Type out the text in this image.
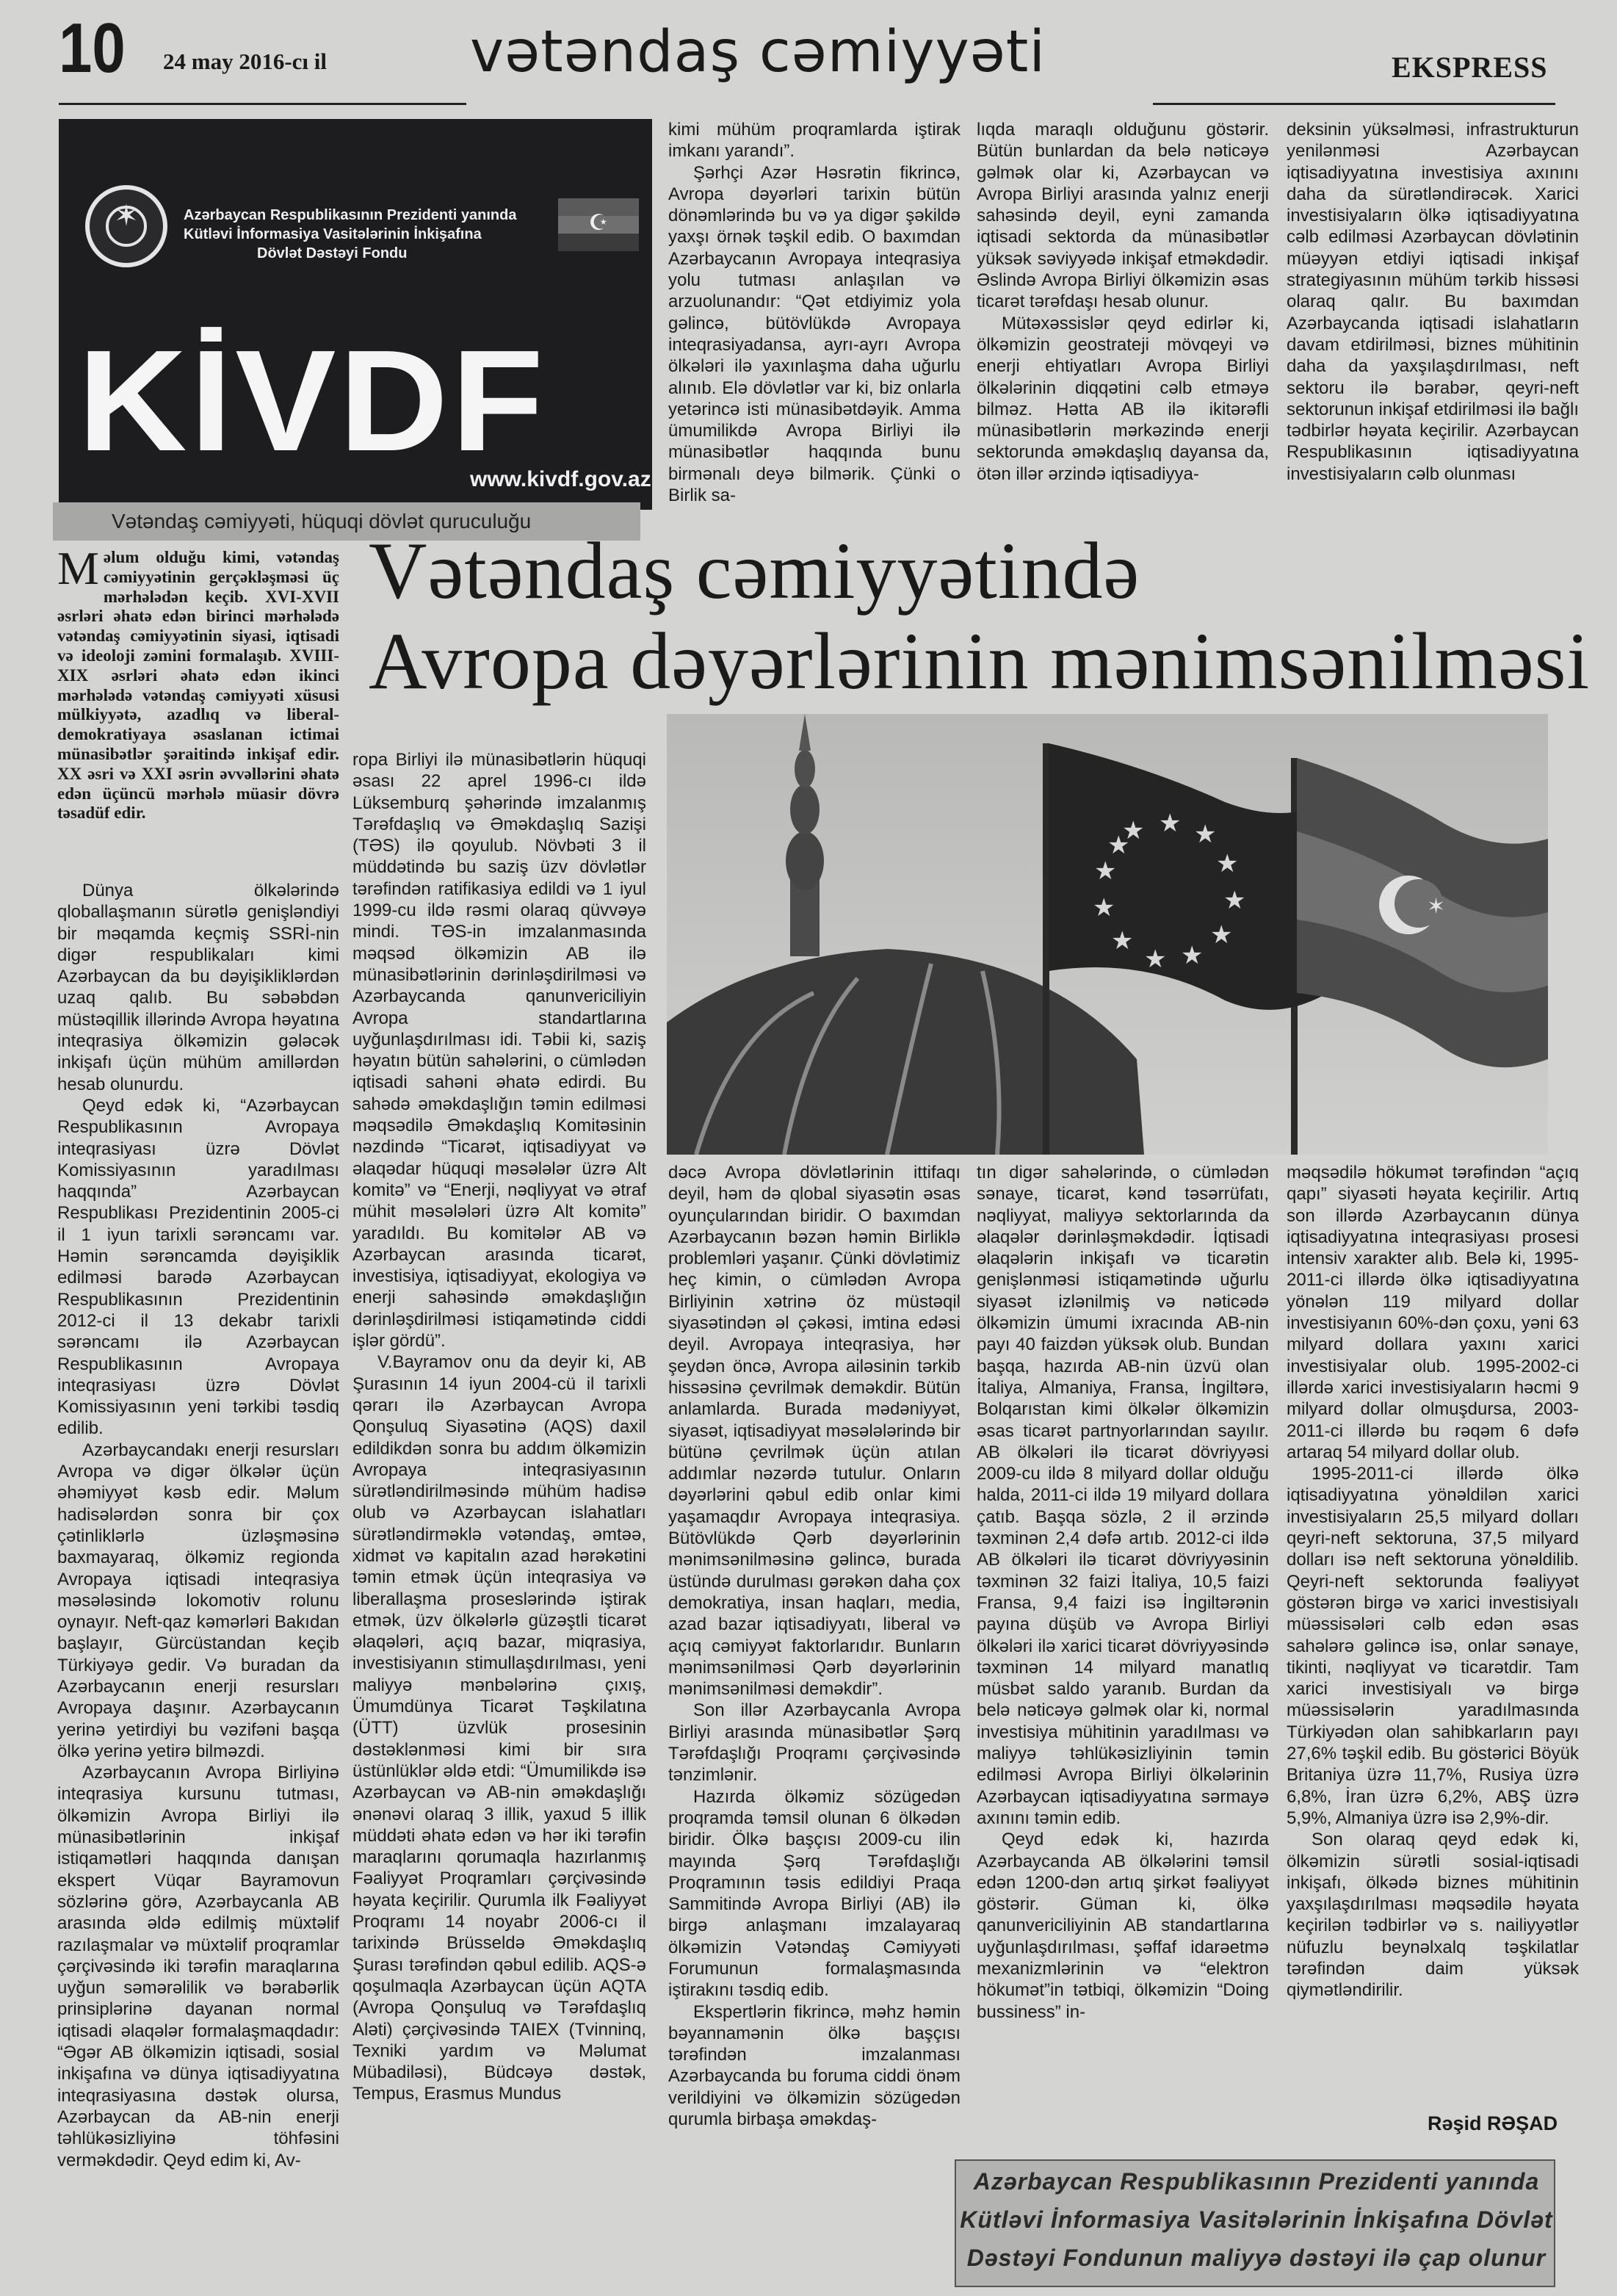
10 24 may 2016-cı il	vətəndaş cəmiyyəti	EKSPRESS
✶	Azərbaycan Respublikasının Prezidenti yanında
Kütləvi İnformasiya Vasitələrinin İnkişafına
Dövlət Dəstəyi Fondu
☪
KİVDF
www.kivdf.gov.az
Vətəndaş cəmiyyəti, hüquqi dövlət quruculuğu
Vətəndaş cəmiyyətində
Avropa dəyərlərinin mənimsənilməsi
★ ★ ★
★
★
★
★
★
★
★
★
★
✶
Məlum olduğu kimi, vətəndaş cəmiyyətinin gerçəkləşməsi üç mərhələdən keçib. XVI-XVII əsrləri əhatə edən birinci mərhələdə vətəndaş cəmiyyətinin siyasi, iqtisadi və ideoloji zəmini formalaşıb. XVIII-XIX əsrləri əhatə edən ikinci mərhələdə vətəndaş cəmiyyəti xüsusi mülkiyyətə, azadlıq və liberal-demokratiyaya əsaslanan ictimai münasibətlər şəraitində inkişaf edir. XX əsri və XXI əsrin əvvəllərini əhatə edən üçüncü mərhələ müasir dövrə təsadüf edir.

Dünya ölkələrində qloballaşmanın sürətlə genişləndiyi bir məqamda keçmiş SSRİ-nin digər respublikaları kimi Azərbaycan da bu dəyişikliklərdən uzaq qalıb. Bu səbəbdən müstəqillik illərində Avropa həyatına inteqrasiya ölkəmizin gələcək inkişafı üçün mühüm amillərdən hesab olunurdu.

Qeyd edək ki, “Azərbaycan Respublikasının Avropaya inteqrasiyası üzrə Dövlət Komissiyasının yaradılması haqqında” Azərbaycan Respublikası Prezidentinin 2005-ci il 1 iyun tarixli sərəncamı var. Həmin sərəncamda dəyişiklik edilməsi barədə Azərbaycan Respublikasının Prezidentinin 2012-ci il 13 dekabr tarixli sərəncamı ilə Azərbaycan Respublikasının Avropaya inteqrasiyası üzrə Dövlət Komissiyasının yeni tərkibi təsdiq edilib.

Azərbaycandakı enerji resursları Avropa və digər ölkələr üçün əhəmiyyət kəsb edir. Məlum hadisələrdən sonra bir çox çətinliklərlə üzləşməsinə baxmayaraq, ölkəmiz regionda Avropaya iqtisadi inteqrasiya məsələsində lokomotiv rolunu oynayır. Neft-qaz kəmərləri Bakıdan başlayır, Gürcüstandan keçib Türkiyəyə gedir. Və buradan da Azərbaycanın enerji resursları Avropaya daşınır. Azərbaycanın yerinə yetirdiyi bu vəzifəni başqa ölkə yerinə yetirə bilməzdi.

Azərbaycanın Avropa Birliyinə inteqrasiya kursunu tutması, ölkəmizin Avropa Birliyi ilə münasibətlərinin inkişaf istiqamətləri haqqında danışan ekspert Vüqar Bayramovun sözlərinə görə, Azərbaycanla AB arasında əldə edilmiş müxtəlif razılaşmalar və müxtəlif proqramlar çərçivəsində iki tərəfin maraqlarına uyğun səmərəlilik və bərabərlik prinsiplərinə dayanan normal iqtisadi əlaqələr formalaşmaqdadır: “Əgər AB ölkəmizin iqtisadi, sosial inkişafına və dünya iqtisadiyyatına inteqrasiyasına dəstək olursa, Azərbaycan da AB-nin enerji təhlükəsizliyinə töhfəsini verməkdədir. Qeyd edim ki, Av-

ropa Birliyi ilə münasibətlərin hüquqi əsası 22 aprel 1996-cı ildə Lüksemburq şəhərində imzalanmış Tərəfdaşlıq və Əməkdaşlıq Sazişi (TƏS) ilə qoyulub. Növbəti 3 il müddətində bu saziş üzv dövlətlər tərəfindən ratifikasiya edildi və 1 iyul 1999-cu ildə rəsmi olaraq qüvvəyə mindi. TƏS-in imzalanmasında məqsəd ölkəmizin AB ilə münasibətlərinin dərinləşdirilməsi və Azərbaycanda qanunvericiliyin Avropa standartlarına uyğunlaşdırılması idi. Təbii ki, saziş həyatın bütün sahələrini, o cümlədən iqtisadi sahəni əhatə edirdi. Bu sahədə əməkdaşlığın təmin edilməsi məqsədilə Əməkdaşlıq Komitəsinin nəzdində “Ticarət, iqtisadiyyat və əlaqədar hüquqi məsələlər üzrə Alt komitə” və “Enerji, nəqliyyat və ətraf mühit məsələləri üzrə Alt komitə” yaradıldı. Bu komitələr AB və Azərbaycan arasında ticarət, investisiya, iqtisadiyyat, ekologiya və enerji sahəsində əməkdaşlığın dərinləşdirilməsi istiqamətində ciddi işlər gördü”.

V.Bayramov onu da deyir ki, AB Şurasının 14 iyun 2004-cü il tarixli qərarı ilə Azərbaycan Avropa Qonşuluq Siyasətinə (AQS) daxil edildikdən sonra bu addım ölkəmizin Avropaya inteqrasiyasının sürətləndirilməsində mühüm hadisə olub və Azərbaycan islahatları sürətləndirməklə vətəndaş, əmtəə, xidmət və kapitalın azad hərəkətini təmin etmək üçün inteqrasiya və liberallaşma proseslərində iştirak etmək, üzv ölkələrlə güzəştli ticarət əlaqələri, açıq bazar, miqrasiya, investisiyanın stimullaşdırılması, yeni maliyyə mənbələrinə çıxış, Ümumdünya Ticarət Təşkilatına (ÜTT) üzvlük prosesinin dəstəklənməsi kimi bir sıra üstünlüklər əldə etdi: “Ümumilikdə isə Azərbaycan və AB-nin əməkdaşlığı ənənəvi olaraq 3 illik, yaxud 5 illik müddəti əhatə edən və hər iki tərəfin maraqlarını qorumaqla hazırlanmış Fəaliyyət Proqramları çərçivəsində həyata keçirilir. Qurumla ilk Fəaliyyət Proqramı 14 noyabr 2006-cı il tarixində Brüsseldə Əməkdaşlıq Şurası tərəfindən qəbul edilib. AQS-ə qoşulmaqla Azərbaycan üçün AQTA (Avropa Qonşuluq və Tərəfdaşlıq Aləti) çərçivəsində TAIEX (Tvinninq, Texniki yardım və Məlumat Mübadiləsi), Büdcəyə dəstək, Tempus, Erasmus Mundus

kimi mühüm proqramlarda iştirak imkanı yarandı”.

Şərhçi Azər Həsrətin fikrincə, Avropa dəyərləri tarixin bütün dönəmlərində bu və ya digər şəkildə yaxşı örnək təşkil edib. O baxımdan Azərbaycanın Avropaya inteqrasiya yolu tutması anlaşılan və arzuolunandır: “Qət etdiyimiz yola gəlincə, bütövlükdə Avropaya inteqrasiyadansa, ayrı-ayrı Avropa ölkələri ilə yaxınlaşma daha uğurlu alınıb. Elə dövlətlər var ki, biz onlarla yetərincə isti münasibətdəyik. Amma ümumilikdə Avropa Birliyi ilə münasibətlər haqqında bunu birmənalı deyə bilmərik. Çünki o Birlik sa-

lıqda maraqlı olduğunu göstərir. Bütün bunlardan da belə nəticəyə gəlmək olar ki, Azərbaycan və Avropa Birliyi arasında yalnız enerji sahəsində deyil, eyni zamanda iqtisadi sektorda da münasibətlər yüksək səviyyədə inkişaf etməkdədir. Əslində Avropa Birliyi ölkəmizin əsas ticarət tərəfdaşı hesab olunur.

Mütəxəssislər qeyd edirlər ki, ölkəmizin geostrateji mövqeyi və enerji ehtiyatları Avropa Birliyi ölkələrinin diqqətini cəlb etməyə bilməz. Hətta AB ilə ikitərəfli münasibətlərin mərkəzində enerji sektorunda əməkdaşlıq dayansa da, ötən illər ərzində iqtisadiyya-

deksinin yüksəlməsi, infrastrukturun yenilənməsi Azərbaycan iqtisadiyyatına investisiya axınını daha da sürətləndirəcək. Xarici investisiyaların ölkə iqtisadiyyatına cəlb edilməsi Azərbaycan dövlətinin müəyyən etdiyi iqtisadi inkişaf strategiyasının mühüm tərkib hissəsi olaraq qalır. Bu baxımdan Azərbaycanda iqtisadi islahatların davam etdirilməsi, biznes mühitinin daha da yaxşılaşdırılması, neft sektoru ilə bərabər, qeyri-neft sektorunun inkişaf etdirilməsi ilə bağlı tədbirlər həyata keçirilir. Azərbaycan Respublikasının iqtisadiyyatına investisiyaların cəlb olunması

dəcə Avropa dövlətlərinin ittifaqı deyil, həm də qlobal siyasətin əsas oyunçularından biridir. O baxımdan Azərbaycanın bəzən həmin Birliklə problemləri yaşanır. Çünki dövlətimiz heç kimin, o cümlədən Avropa Birliyinin xətrinə öz müstəqil siyasətindən əl çəkəsi, imtina edəsi deyil. Avropaya inteqrasiya, hər şeydən öncə, Avropa ailəsinin tərkib hissəsinə çevrilmək deməkdir. Bütün anlamlarda. Burada mədəniyyət, siyasət, iqtisadiyyat məsələlərində bir bütünə çevrilmək üçün atılan addımlar nəzərdə tutulur. Onların dəyərlərini qəbul edib onlar kimi yaşamaqdır Avropaya inteqrasiya. Bütövlükdə Qərb dəyərlərinin mənimsənilməsinə gəlincə, burada üstündə durulması gərəkən daha çox demokratiya, insan haqları, media, azad bazar iqtisadiyyatı, liberal və açıq cəmiyyət faktorlarıdır. Bunların mənimsənilməsi Qərb dəyərlərinin mənimsənilməsi deməkdir”.

Son illər Azərbaycanla Avropa Birliyi arasında münasibətlər Şərq Tərəfdaşlığı Proqramı çərçivəsində tənzimlənir.

Hazırda ölkəmiz sözügedən proqramda təmsil olunan 6 ölkədən biridir. Ölkə başçısı 2009-cu ilin mayında Şərq Tərəfdaşlığı Proqramının təsis edildiyi Praqa Sammitində Avropa Birliyi (AB) ilə birgə anlaşmanı imzalayaraq ölkəmizin Vətəndaş Cəmiyyəti Forumunun formalaşmasında iştirakını təsdiq edib.

Ekspertlərin fikrincə, məhz həmin bəyannamənin ölkə başçısı tərəfindən imzalanması Azərbaycanda bu foruma ciddi önəm verildiyini və ölkəmizin sözügedən qurumla birbaşa əməkdaş-

tın digər sahələrində, o cümlədən sənaye, ticarət, kənd təsərrüfatı, nəqliyyat, maliyyə sektorlarında da əlaqələr dərinləşməkdədir. İqtisadi əlaqələrin inkişafı və ticarətin genişlənməsi istiqamətində uğurlu siyasət izlənilmiş və nəticədə ölkəmizin ümumi ixracında AB-nin payı 40 faizdən yüksək olub. Bundan başqa, hazırda AB-nin üzvü olan İtaliya, Almaniya, Fransa, İngiltərə, Bolqarıstan kimi ölkələr ölkəmizin əsas ticarət partnyorlarından sayılır. AB ölkələri ilə ticarət dövriyyəsi 2009-cu ildə 8 milyard dollar olduğu halda, 2011-ci ildə 19 milyard dollara çatıb. Başqa sözlə, 2 il ərzində təxminən 2,4 dəfə artıb. 2012-ci ildə AB ölkələri ilə ticarət dövriyyəsinin təxminən 32 faizi İtaliya, 10,5 faizi Fransa, 9,4 faizi isə İngiltərənin payına düşüb və Avropa Birliyi ölkələri ilə xarici ticarət dövriyyəsində təxminən 14 milyard manatlıq müsbət saldo yaranıb. Burdan da belə nəticəyə gəlmək olar ki, normal investisiya mühitinin yaradılması və maliyyə təhlükəsizliyinin təmin edilməsi Avropa Birliyi ölkələrinin Azərbaycan iqtisadiyyatına sərmayə axınını təmin edib.

Qeyd edək ki, hazırda Azərbaycanda AB ölkələrini təmsil edən 1200-dən artıq şirkət fəaliyyət göstərir. Güman ki, ölkə qanunvericiliyinin AB standartlarına uyğunlaşdırılması, şəffaf idarəetmə mexanizmlərinin və “elektron hökumət”in tətbiqi, ölkəmizin “Doing bussiness” in-

məqsədilə hökumət tərəfindən “açıq qapı” siyasəti həyata keçirilir. Artıq son illərdə Azərbaycanın dünya iqtisadiyyatına inteqrasiyası prosesi intensiv xarakter alıb. Belə ki, 1995-2011-ci illərdə ölkə iqtisadiyyatına yönələn 119 milyard dollar investisiyanın 60%-dən çoxu, yəni 63 milyard dollara yaxını xarici investisiyalar olub. 1995-2002-ci illərdə xarici investisiyaların həcmi 9 milyard dollar olmuşdursa, 2003-2011-ci illərdə bu rəqəm 6 dəfə artaraq 54 milyard dollar olub.

1995-2011-ci illərdə ölkə iqtisadiyyatına yönəldilən xarici investisiyaların 25,5 milyard dolları qeyri-neft sektoruna, 37,5 milyard dolları isə neft sektoruna yönəldilib. Qeyri-neft sektorunda fəaliyyət göstərən birgə və xarici investisiyalı müəssisələri cəlb edən əsas sahələrə gəlincə isə, onlar sənaye, tikinti, nəqliyyat və ticarətdir. Tam xarici investisiyalı və birgə müəssisələrin yaradılmasında Türkiyədən olan sahibkarların payı 27,6% təşkil edib. Bu göstərici Böyük Britaniya üzrə 11,7%, Rusiya üzrə 6,8%, İran üzrə 6,2%, ABŞ üzrə 5,9%, Almaniya üzrə isə 2,9%-dir.

Son olaraq qeyd edək ki, ölkəmizin sürətli sosial-iqtisadi inkişafı, ölkədə biznes mühitinin yaxşılaşdırılması məqsədilə həyata keçirilən tədbirlər və s. nailiyyətlər nüfuzlu beynəlxalq təşkilatlar tərəfindən daim yüksək qiymətləndirilir.

Rəşid RƏŞAD
Azərbaycan Respublikasının Prezidenti yanında
Kütləvi İnformasiya Vasitələrinin İnkişafına Dövlət
Dəstəyi Fondunun maliyyə dəstəyi ilə çap olunur
